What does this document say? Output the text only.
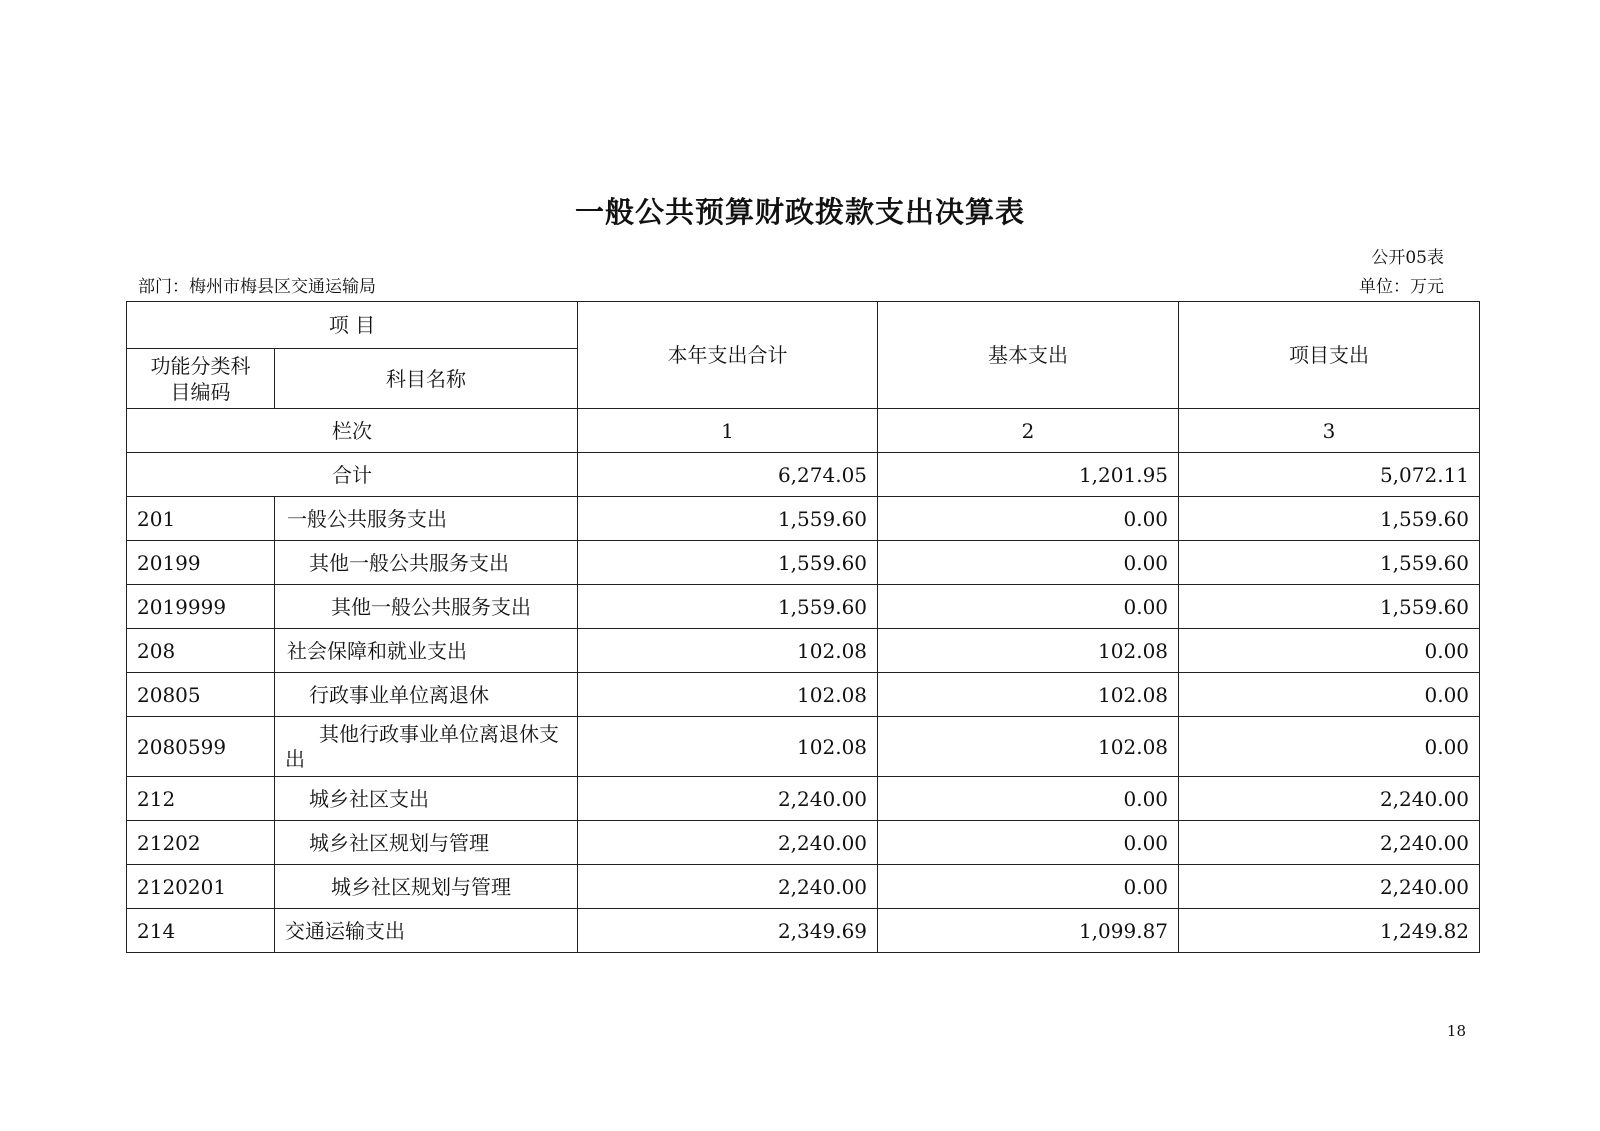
一般公共预算财政拨款支出决算表
公开05表
部门：梅州市梅县区交通运输局	单位：万元
项 目		本年支出合计	基本支出	项目支出
功能分类科目编码	科目名称			
栏次		1	2	3
合计		6,274.05	1,201.95	5,072.11
201	一般公共服务支出	1,559.60	0.00	1,559.60
20199	其他一般公共服务支出	1,559.60	0.00	1,559.60
2019999	其他一般公共服务支出	1,559.60	0.00	1,559.60
208	社会保障和就业支出	102.08	102.08	0.00
20805	行政事业单位离退休	102.08	102.08	0.00
2080599	其他行政事业单位离退休支出	102.08	102.08	0.00
212	城乡社区支出	2,240.00	0.00	2,240.00
21202	城乡社区规划与管理	2,240.00	0.00	2,240.00
2120201	城乡社区规划与管理	2,240.00	0.00	2,240.00
214	交通运输支出	2,349.69	1,099.87	1,249.82
18
